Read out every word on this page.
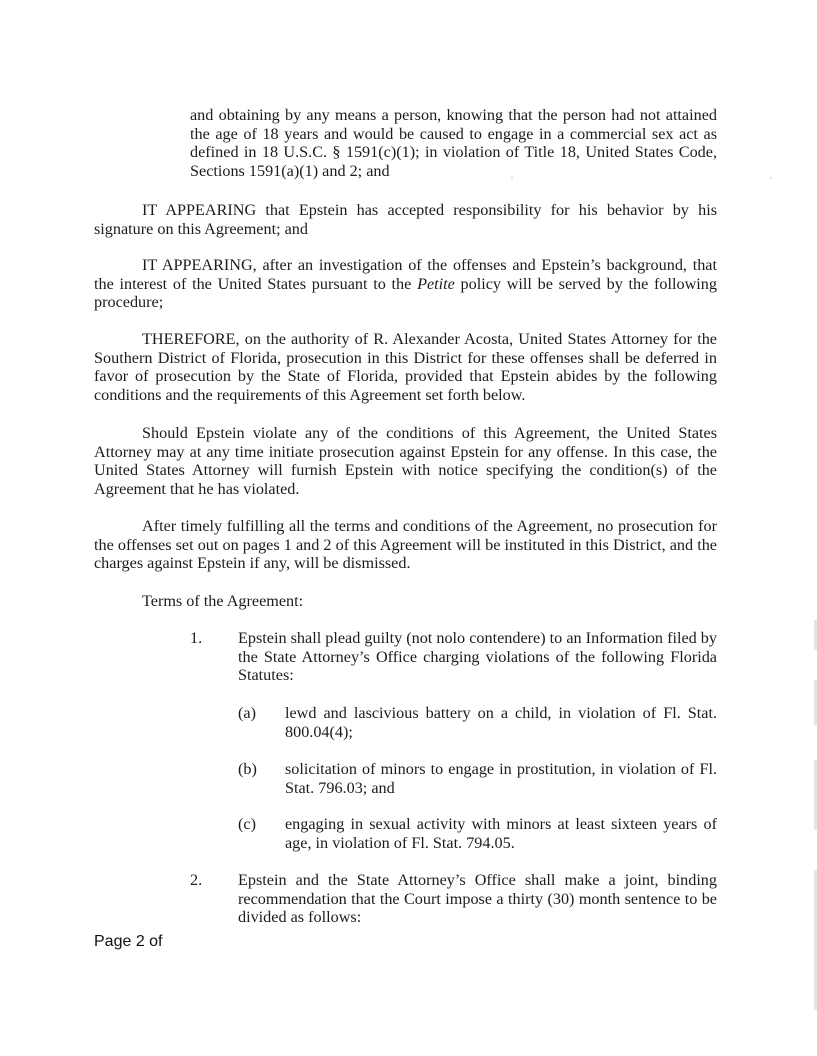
and obtaining by any means a person, knowing that the person had not attained the age of 18 years and would be caused to engage in a commercial sex act as defined in 18 U.S.C. § 1591(c)(1); in violation of Title 18, United States Code, Sections 1591(a)(1) and 2; and

IT APPEARING that Epstein has accepted responsibility for his behavior by his signature on this Agreement; and

IT APPEARING, after an investigation of the offenses and Epstein’s background, that the interest of the United States pursuant to the Petite policy will be served by the following procedure;

THEREFORE, on the authority of R. Alexander Acosta, United States Attorney for the Southern District of Florida, prosecution in this District for these offenses shall be deferred in favor of prosecution by the State of Florida, provided that Epstein abides by the following conditions and the requirements of this Agreement set forth below.

Should Epstein violate any of the conditions of this Agreement, the United States Attorney may at any time initiate prosecution against Epstein for any offense. In this case, the United States Attorney will furnish Epstein with notice specifying the condition(s) of the Agreement that he has violated.

After timely fulfilling all the terms and conditions of the Agreement, no prosecution for the offenses set out on pages 1 and 2 of this Agreement will be instituted in this District, and the charges against Epstein if any, will be dismissed.

Terms of the Agreement:

1. Epstein shall plead guilty (not nolo contendere) to an Information filed by the State Attorney’s Office charging violations of the following Florida Statutes:

(a) lewd and lascivious battery on a child, in violation of Fl. Stat. 800.04(4);

(b) solicitation of minors to engage in prostitution, in violation of Fl. Stat. 796.03; and

(c) engaging in sexual activity with minors at least sixteen years of age, in violation of Fl. Stat. 794.05.

2. Epstein and the State Attorney’s Office shall make a joint, binding recommendation that the Court impose a thirty (30) month sentence to be divided as follows:

Page 2 of
